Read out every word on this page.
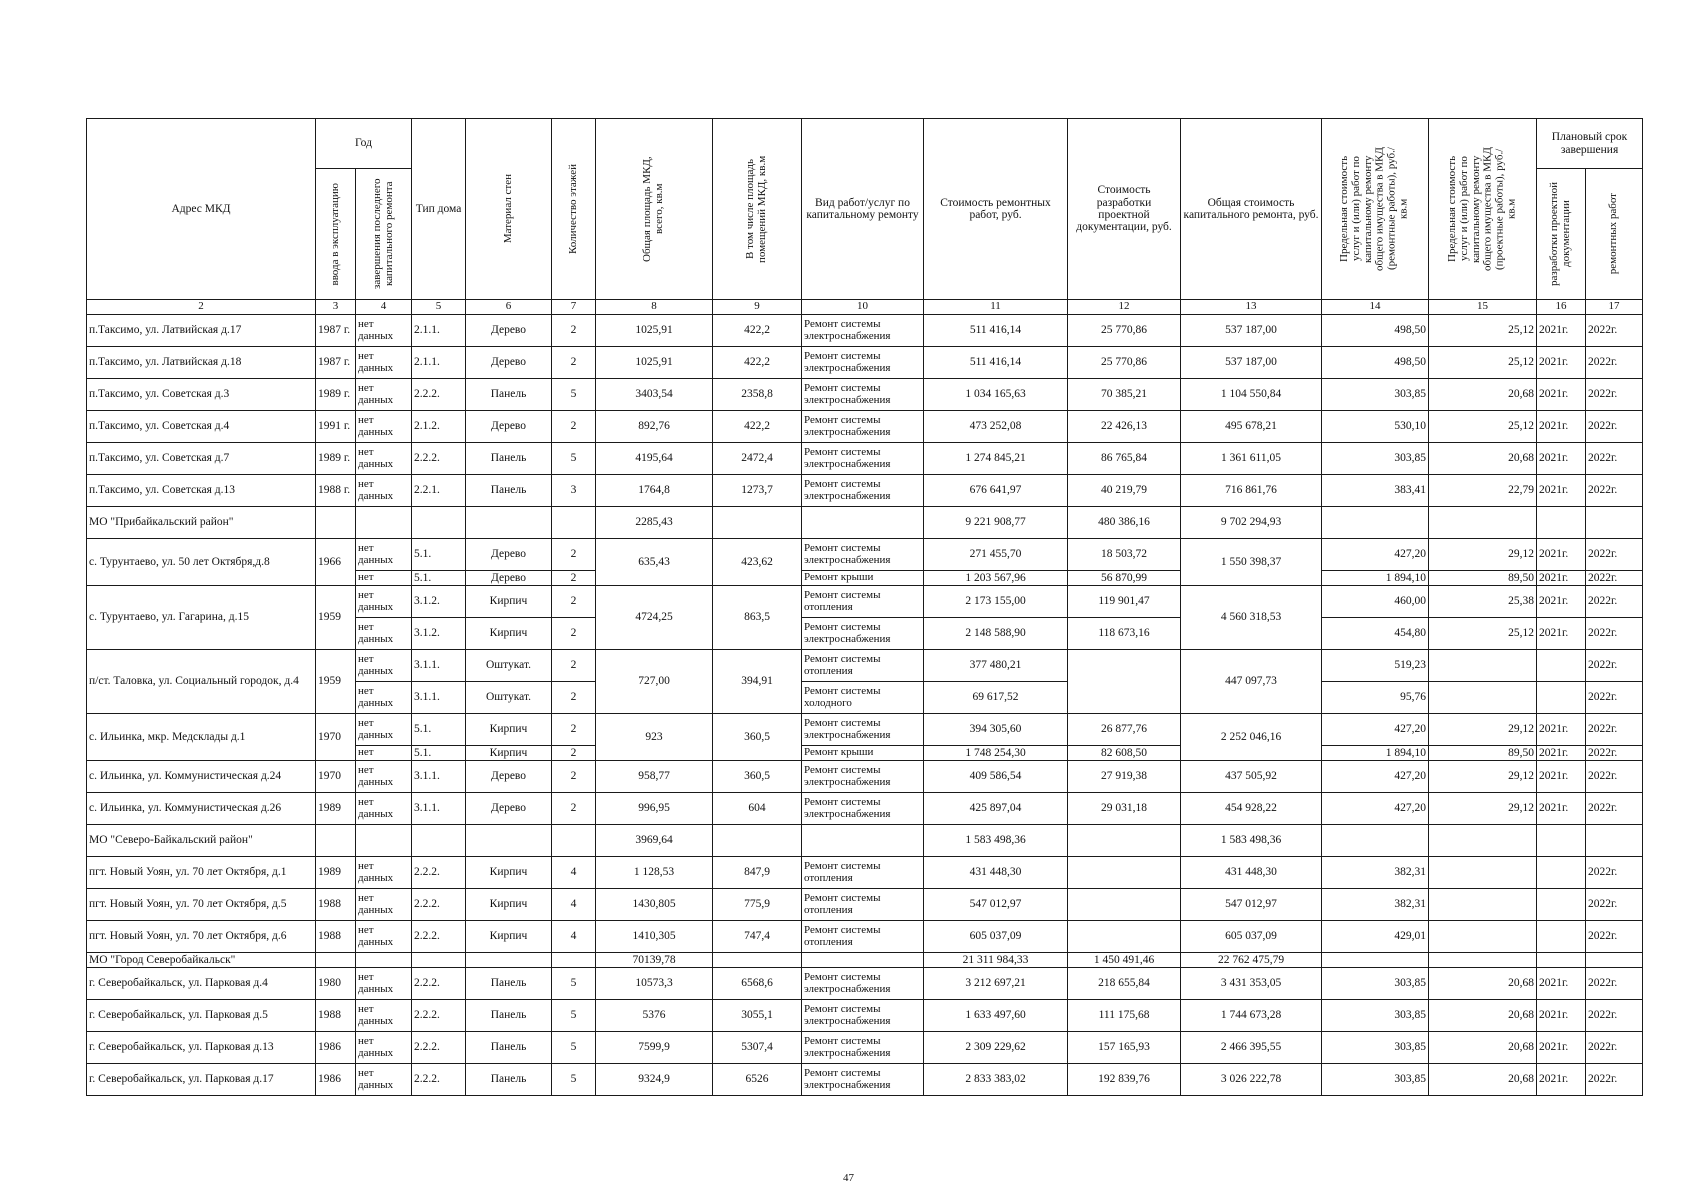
Адрес МКД	Год		Тип дома	Материал стен	Количество этажей	Общая площадь МКД, всего, кв.м	В том числе площадь помещений МКД, кв.м	Вид работ/услуг по капитальному ремонту	Стоимость ремонтных работ, руб.	Стоимость разработки проектной документации, руб.	Общая стоимость капитального ремонта, руб.	Предельная стоимость услуг и (или) работ по капитальному ремонту общего имущества в МКД (ремонтные работы), руб./кв.м	Предельная стоимость услуг и (или) работ по капитальному ремонту общего имущества в МКД (проектные работы), руб./кв.м	Плановый срок завершения	

	ввода в эксплуатацию	завершения последнего капитального ремонта												разработки проектной документации	ремонтных работ

2	3	4	5	6	7	8	9	10	11	12	13	14	15	16	17
п.Таксимо, ул. Латвийская д.17	1987 г.	нет данных	2.1.1.	Дерево	2	1025,91	422,2	Ремонт системы электроснабжения	511 416,14	25 770,86	537 187,00	498,50	25,12	2021г.	2022г.
п.Таксимо, ул. Латвийская д.18	1987 г.	нет данных	2.1.1.	Дерево	2	1025,91	422,2	Ремонт системы электроснабжения	511 416,14	25 770,86	537 187,00	498,50	25,12	2021г.	2022г.
п.Таксимо, ул. Советская д.3	1989 г.	нет данных	2.2.2.	Панель	5	3403,54	2358,8	Ремонт системы электроснабжения	1 034 165,63	70 385,21	1 104 550,84	303,85	20,68	2021г.	2022г.
п.Таксимо, ул. Советская д.4	1991 г.	нет данных	2.1.2.	Дерево	2	892,76	422,2	Ремонт системы электроснабжения	473 252,08	22 426,13	495 678,21	530,10	25,12	2021г.	2022г.
п.Таксимо, ул. Советская д.7	1989 г.	нет данных	2.2.2.	Панель	5	4195,64	2472,4	Ремонт системы электроснабжения	1 274 845,21	86 765,84	1 361 611,05	303,85	20,68	2021г.	2022г.
п.Таксимо, ул. Советская д.13	1988 г.	нет данных	2.2.1.	Панель	3	1764,8	1273,7	Ремонт системы электроснабжения	676 641,97	40 219,79	716 861,76	383,41	22,79	2021г.	2022г.
МО "Прибайкальский район"						2285,43			9 221 908,77	480 386,16	9 702 294,93				
с. Турунтаево, ул. 50 лет Октября,д.8	1966	нет данных	5.1.	Дерево	2	635,43	423,62	Ремонт системы электроснабжения	271 455,70	18 503,72	1 550 398,37	427,20	29,12	2021г.	2022г.
		нет	5.1.	Дерево	2			Ремонт крыши	1 203 567,96	56 870,99		1 894,10	89,50	2021г.	2022г.
с. Турунтаево, ул. Гагарина, д.15	1959	нет данных	3.1.2.	Кирпич	2	4724,25	863,5	Ремонт системы отопления	2 173 155,00	119 901,47	4 560 318,53	460,00	25,38	2021г.	2022г.
		нет данных	3.1.2.	Кирпич	2			Ремонт системы электроснабжения	2 148 588,90	118 673,16		454,80	25,12	2021г.	2022г.
п/ст. Таловка, ул. Социальный городок, д.4	1959	нет данных	3.1.1.	Оштукат.	2	727,00	394,91	Ремонт системы отопления	377 480,21		447 097,73	519,23			2022г.
		нет данных	3.1.1.	Оштукат.	2			Ремонт системы холодного	69 617,52			95,76			2022г.
с. Ильинка, мкр. Медсклады д.1	1970	нет данных	5.1.	Кирпич	2	923	360,5	Ремонт системы электроснабжения	394 305,60	26 877,76	2 252 046,16	427,20	29,12	2021г.	2022г.
		нет	5.1.	Кирпич	2			Ремонт крыши	1 748 254,30	82 608,50		1 894,10	89,50	2021г.	2022г.
с. Ильинка, ул. Коммунистическая д.24	1970	нет данных	3.1.1.	Дерево	2	958,77	360,5	Ремонт системы электроснабжения	409 586,54	27 919,38	437 505,92	427,20	29,12	2021г.	2022г.
с. Ильинка, ул. Коммунистическая д.26	1989	нет данных	3.1.1.	Дерево	2	996,95	604	Ремонт системы электроснабжения	425 897,04	29 031,18	454 928,22	427,20	29,12	2021г.	2022г.
МО "Северо-Байкальский район"						3969,64			1 583 498,36		1 583 498,36				
пгт. Новый Уоян, ул. 70 лет Октября, д.1	1989	нет данных	2.2.2.	Кирпич	4	1 128,53	847,9	Ремонт системы отопления	431 448,30		431 448,30	382,31			2022г.
пгт. Новый Уоян, ул. 70 лет Октября, д.5	1988	нет данных	2.2.2.	Кирпич	4	1430,805	775,9	Ремонт системы отопления	547 012,97		547 012,97	382,31			2022г.
пгт. Новый Уоян, ул. 70 лет Октября, д.6	1988	нет данных	2.2.2.	Кирпич	4	1410,305	747,4	Ремонт системы отопления	605 037,09		605 037,09	429,01			2022г.
МО "Город Северобайкальск"						70139,78			21 311 984,33	1 450 491,46	22 762 475,79				
г. Северобайкальск, ул. Парковая д.4	1980	нет данных	2.2.2.	Панель	5	10573,3	6568,6	Ремонт системы электроснабжения	3 212 697,21	218 655,84	3 431 353,05	303,85	20,68	2021г.	2022г.
г. Северобайкальск, ул. Парковая д.5	1988	нет данных	2.2.2.	Панель	5	5376	3055,1	Ремонт системы электроснабжения	1 633 497,60	111 175,68	1 744 673,28	303,85	20,68	2021г.	2022г.
г. Северобайкальск, ул. Парковая д.13	1986	нет данных	2.2.2.	Панель	5	7599,9	5307,4	Ремонт системы электроснабжения	2 309 229,62	157 165,93	2 466 395,55	303,85	20,68	2021г.	2022г.
г. Северобайкальск, ул. Парковая д.17	1986	нет данных	2.2.2.	Панель	5	9324,9	6526	Ремонт системы электроснабжения	2 833 383,02	192 839,76	3 026 222,78	303,85	20,68	2021г.	2022г.
47
